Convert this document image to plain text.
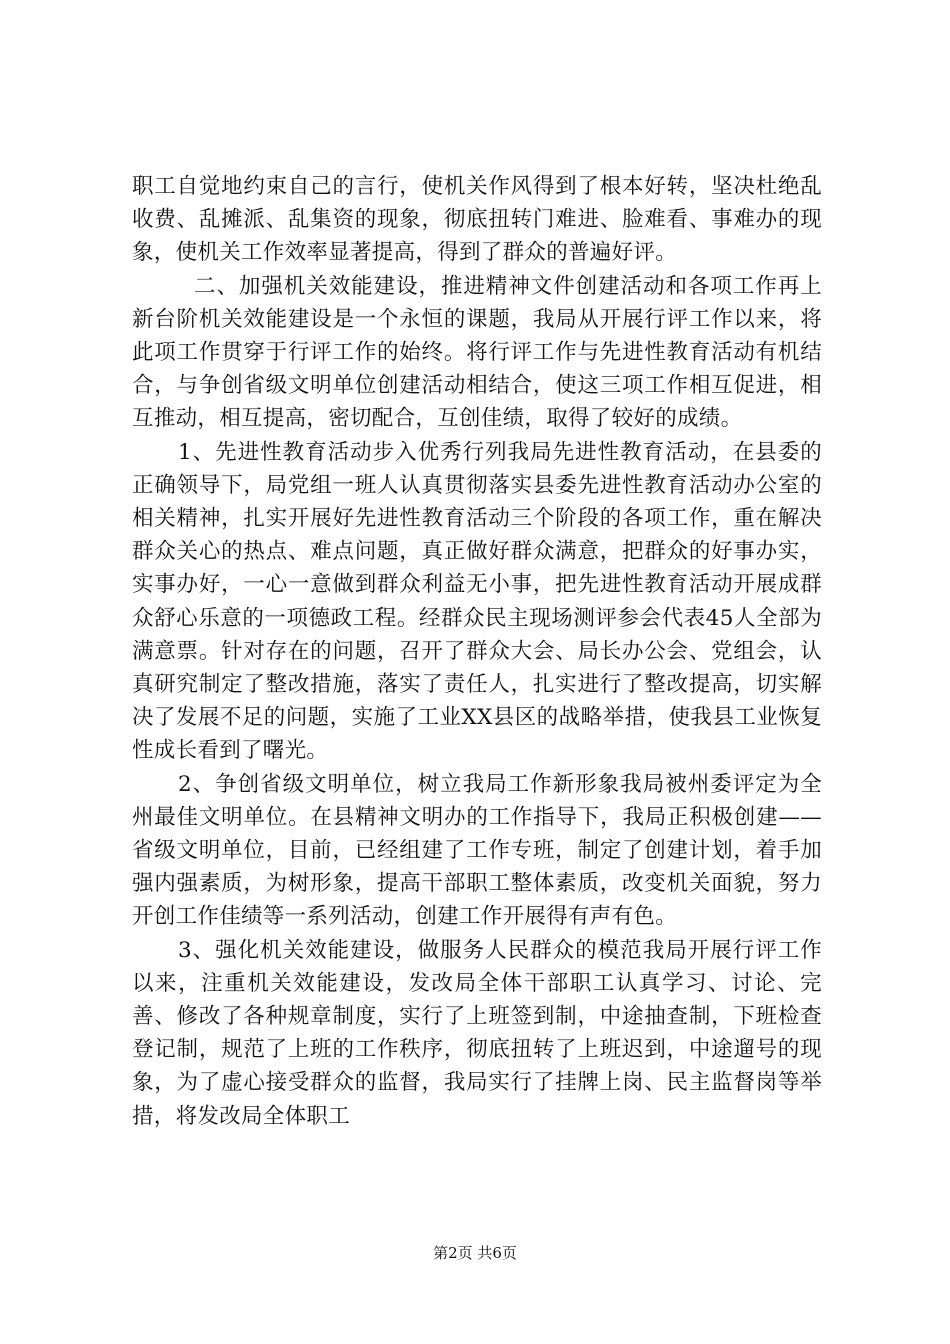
职工自觉地约束自己的言行，使机关作风得到了根本好转，坚决杜绝乱收费、乱摊派、乱集资的现象，彻底扭转门难进、脸难看、事难办的现象，使机关工作效率显著提高，得到了群众的普遍好评。

二、加强机关效能建设，推进精神文件创建活动和各项工作再上新台阶机关效能建设是一个永恒的课题，我局从开展行评工作以来，将此项工作贯穿于行评工作的始终。将行评工作与先进性教育活动有机结合，与争创省级文明单位创建活动相结合，使这三项工作相互促进，相互推动，相互提高，密切配合，互创佳绩，取得了较好的成绩。

1、先进性教育活动步入优秀行列我局先进性教育活动，在县委的正确领导下，局党组一班人认真贯彻落实县委先进性教育活动办公室的相关精神，扎实开展好先进性教育活动三个阶段的各项工作，重在解决群众关心的热点、难点问题，真正做好群众满意，把群众的好事办实，实事办好，一心一意做到群众利益无小事，把先进性教育活动开展成群众舒心乐意的一项德政工程。经群众民主现场测评参会代表45人全部为满意票。针对存在的问题，召开了群众大会、局长办公会、党组会，认真研究制定了整改措施，落实了责任人，扎实进行了整改提高，切实解决了发展不足的问题，实施了工业XX县区的战略举措，使我县工业恢复性成长看到了曙光。

2、争创省级文明单位，树立我局工作新形象我局被州委评定为全州最佳文明单位。在县精神文明办的工作指导下，我局正积极创建——省级文明单位，目前，已经组建了工作专班，制定了创建计划，着手加强内强素质，为树形象，提高干部职工整体素质，改变机关面貌，努力开创工作佳绩等一系列活动，创建工作开展得有声有色。

3、强化机关效能建设，做服务人民群众的模范我局开展行评工作以来，注重机关效能建设，发改局全体干部职工认真学习、讨论、完善、修改了各种规章制度，实行了上班签到制，中途抽查制，下班检查登记制，规范了上班的工作秩序，彻底扭转了上班迟到，中途遛号的现象，为了虚心接受群众的监督，我局实行了挂牌上岗、民主监督岗等举措，将发改局全体职工

第2页 共6页
